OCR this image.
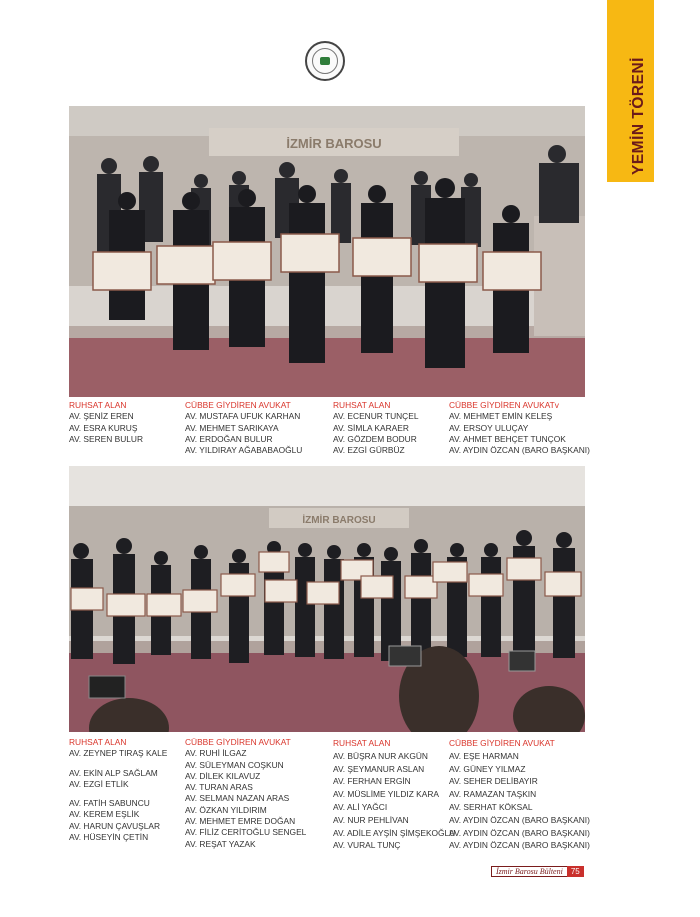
YEMİN TÖRENİ
İZMİR BAROSU
RUHSAT ALAN
AV. ŞENİZ EREN
AV. ESRA KURUŞ
AV. SEREN BULUR
CÜBBE GİYDİREN AVUKAT
AV. MUSTAFA UFUK KARHAN
AV. MEHMET SARIKAYA
AV. ERDOĞAN BULUR
AV. YILDIRAY AĞABABAOĞLU
RUHSAT ALAN
AV. ECENUR TUNÇEL
AV. SİMLA KARAER
AV. GÖZDEM BODUR
AV. EZGİ GÜRBÜZ
CÜBBE GİYDİREN AVUKATv
AV. MEHMET EMİN KELEŞ
AV. ERSOY ULUÇAY
AV. AHMET BEHÇET TUNÇOK
AV. AYDIN ÖZCAN (BARO BAŞKANI)
İZMİR BAROSU
RUHSAT ALAN
AV. ZEYNEP TIRAŞ KALE
AV. EKİN ALP SAĞLAM
AV. EZGİ ETLİK
AV. FATİH SABUNCU
AV. KEREM EŞLİK
AV. HARUN ÇAVUŞLAR
AV. HÜSEYİN ÇETİN
CÜBBE GİYDİREN AVUKAT
AV. RUHİ İLGAZ
AV. SÜLEYMAN COŞKUN
AV. DİLEK KILAVUZ
AV. TURAN ARAS
AV. SELMAN NAZAN ARAS
AV. ÖZKAN YILDIRIM
AV. MEHMET EMRE DOĞAN
AV. FİLİZ CERİTOĞLU SENGEL
AV. REŞAT YAZAK
RUHSAT ALAN
AV. BÜŞRA NUR AKGÜN
AV. ŞEYMANUR ASLAN
AV. FERHAN ERGİN
AV. MÜSLİME YILDIZ KARA
AV. ALİ YAĞCI
AV. NUR PEHLİVAN
AV. ADİLE AYŞİN ŞİMŞEKOĞLU
AV. VURAL TUNÇ
CÜBBE GİYDİREN AVUKAT
AV. EŞE HARMAN
AV. GÜNEY YILMAZ
AV. SEHER DELİBAYIR
AV. RAMAZAN TAŞKIN
AV. SERHAT KÖKSAL
AV. AYDIN ÖZCAN (BARO BAŞKANI)
AV. AYDIN ÖZCAN (BARO BAŞKANI)
AV. AYDIN ÖZCAN (BARO BAŞKANI)
İzmir Barosu Bülteni	75
